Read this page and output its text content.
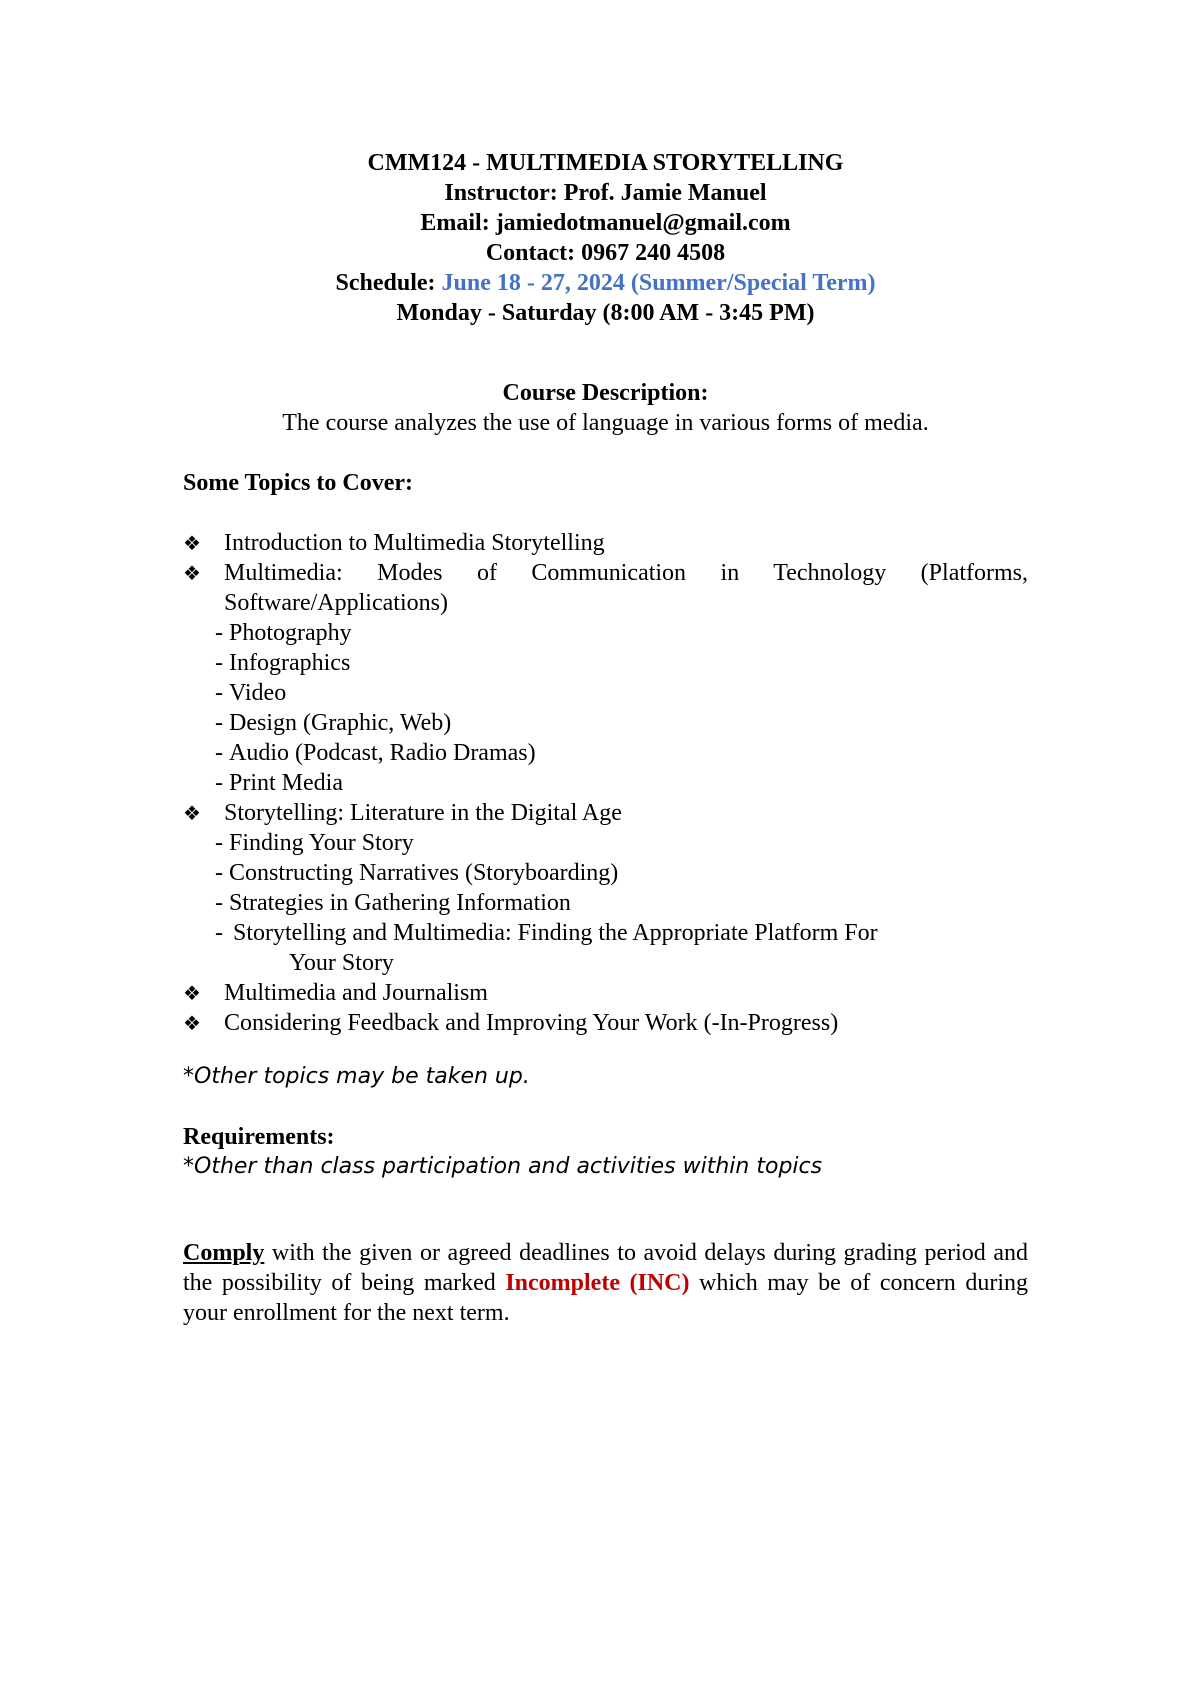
CMM124 - MULTIMEDIA STORYTELLING
Instructor: Prof. Jamie Manuel
Email: jamiedotmanuel@gmail.com
Contact: 0967 240 4508
Schedule: June 18 - 27, 2024 (Summer/Special Term)
Monday - Saturday (8:00 AM - 3:45 PM)
Course Description:
The course analyzes the use of language in various forms of media.
Some Topics to Cover:
❖ Introduction to Multimedia Storytelling
❖ Multimedia: Modes of Communication in Technology (Platforms, Software/Applications)
- Photography
- Infographics
- Video
- Design (Graphic, Web)
- Audio (Podcast, Radio Dramas)
- Print Media
❖ Storytelling: Literature in the Digital Age
- Finding Your Story
- Constructing Narratives (Storyboarding)
- Strategies in Gathering Information
- Storytelling and Multimedia: Finding the Appropriate Platform For
Your Story
❖ Multimedia and Journalism
❖ Considering Feedback and Improving Your Work (-In-Progress)
*Other topics may be taken up.
Requirements:
*Other than class participation and activities within topics
Comply with the given or agreed deadlines to avoid delays during grading period and the possibility of being marked Incomplete (INC) which may be of concern during your enrollment for the next term.
